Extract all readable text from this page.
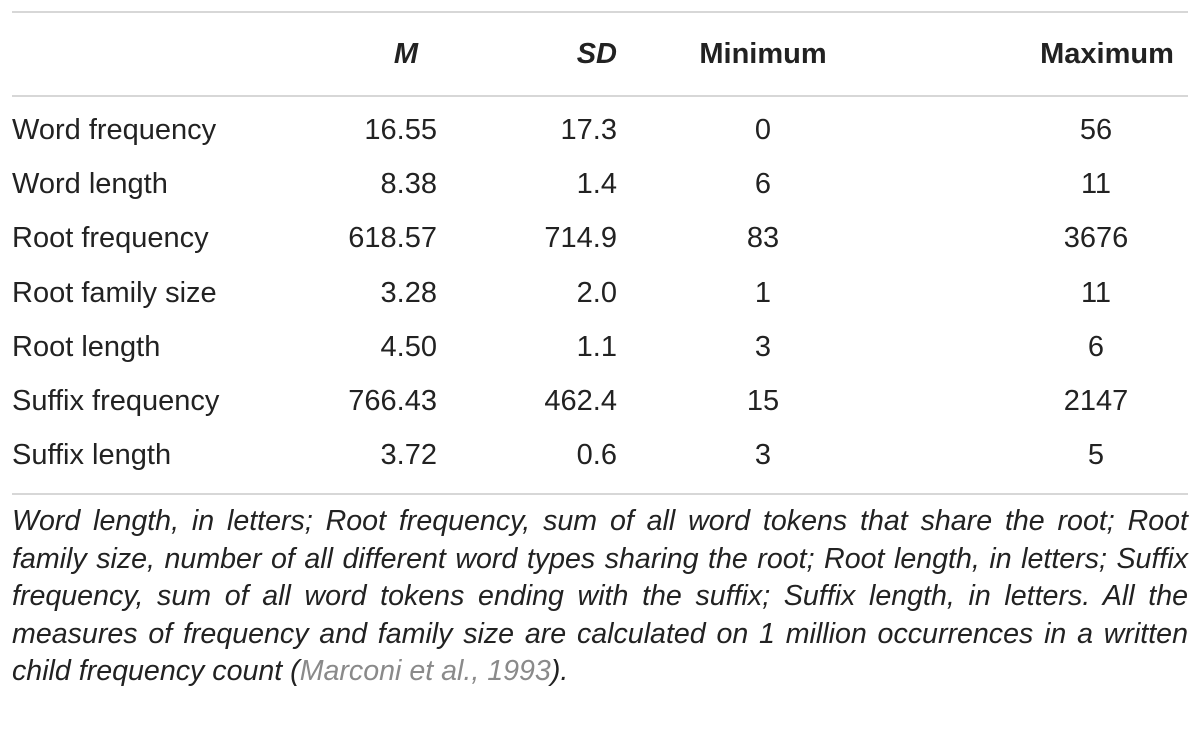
	M	SD	Minimum	Maximum
Word frequency	16.55	17.3	0	56
Word length	8.38	1.4	6	11
Root frequency	618.57	714.9	83	3676
Root family size	3.28	2.0	1	11
Root length	4.50	1.1	3	6
Suffix frequency	766.43	462.4	15	2147
Suffix length	3.72	0.6	3	5

Word length, in letters; Root frequency, sum of all word tokens that share the root; Root family size, number of all different word types sharing the root; Root length, in letters; Suffix frequency, sum of all word tokens ending with the suffix; Suffix length, in letters. All the measures of frequency and family size are calculated on 1 million occurrences in a written child frequency count (Marconi et al., 1993).
